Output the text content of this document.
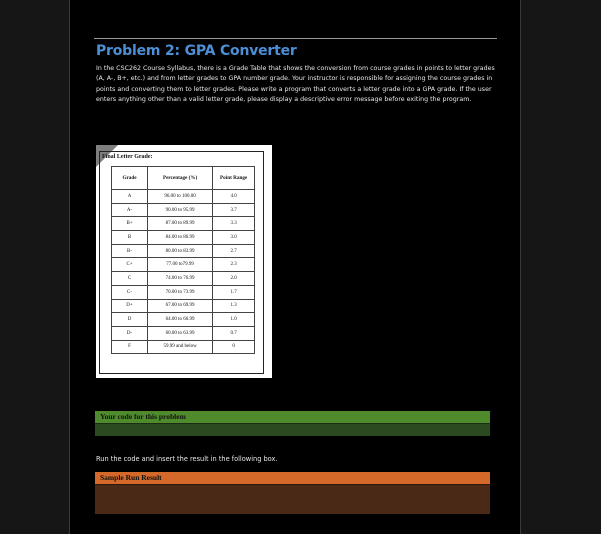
Problem 2: GPA Converter
In the CSC262 Course Syllabus, there is a Grade Table that shows the conversion from course grades in points to letter grades (A, A-, B+, etc.) and from letter grades to GPA number grade. Your instructor is responsible for assigning the course grades in points and converting them to letter grades. Please write a program that converts a letter grade into a GPA grade. If the user enters anything other than a valid letter grade, please display a descriptive error message before exiting the program.
Final Letter Grade:
Grade	Percentage (%)	Point Range
A	96.00 to 100.00	4.0
A-	90.00 to 95.99	3.7
B+	87.00 to 89.99	3.3
B	84.00 to 86.99	3.0
B-	80.00 to 83.99	2.7
C+	77.00 to79.99	2.3
C	74.00 to 76.99	2.0
C-	70.00 to 73.99	1.7
D+	67.00 to 69.99	1.3
D	64.00 to 66.99	1.0
D-	60.00 to 63.99	0.7
F	59.99 and below	0
Your code for this problem
Run the code and insert the result in the following box.
Sample Run Result
